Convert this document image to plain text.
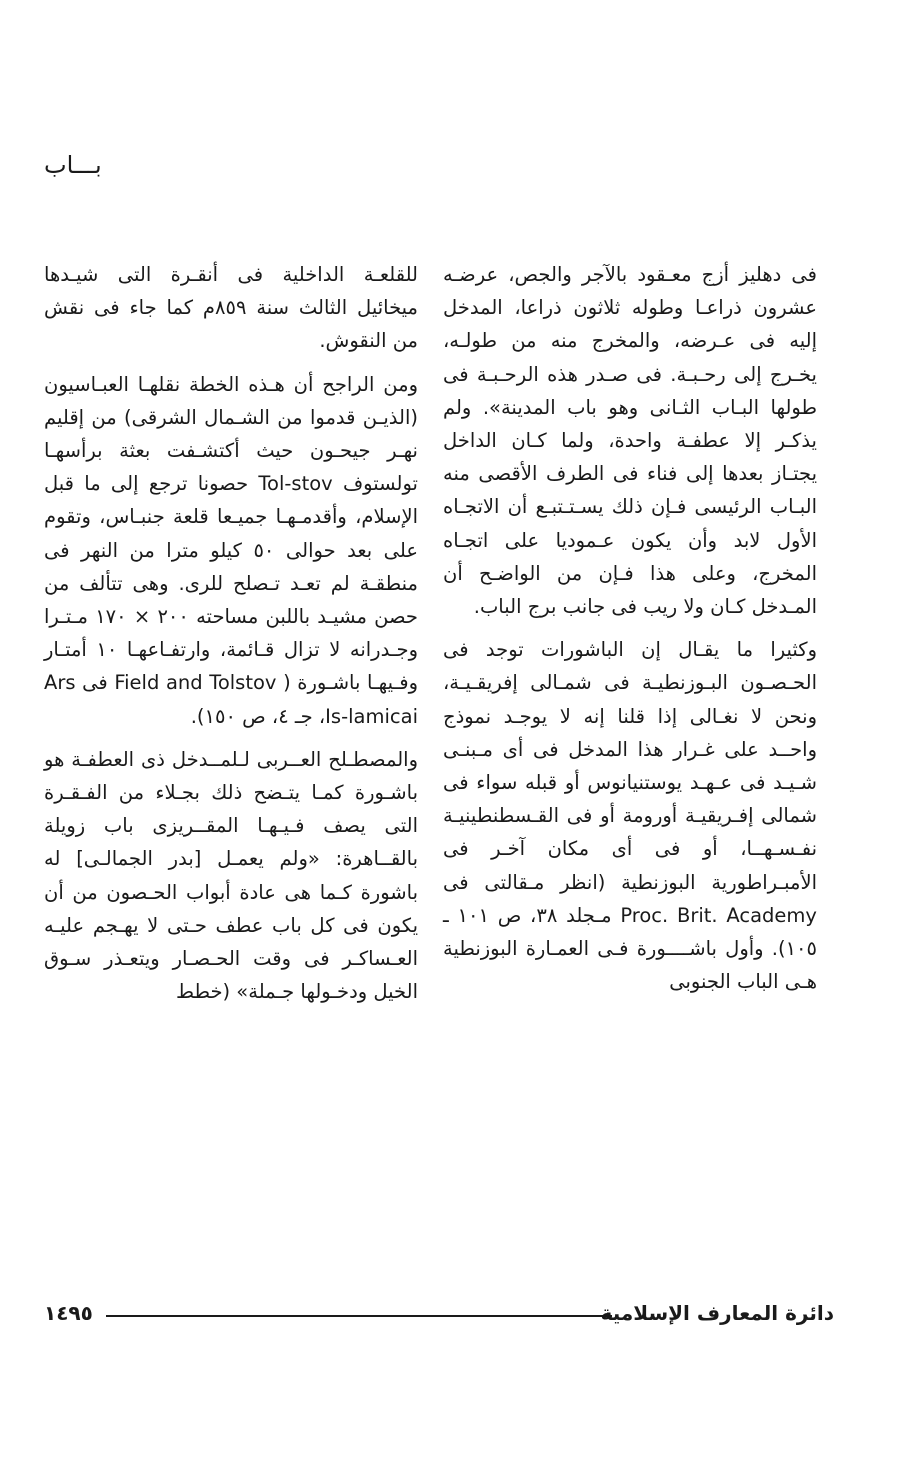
بـــاب

فى دهليز أزج معـقود بالآجر والجص، عرضـه عشرون ذراعـا وطوله ثلاثون ذراعا، المدخل إليه فى عـرضه، والمخرج منه من طولـه، يخـرج إلى رحـبـة. فى صـدر هذه الرحـبـة فى طولها البـاب الثـانى وهو باب المدينة». ولم يذكـر إلا عطفـة واحدة، ولما كـان الداخل يجتـاز بعدها إلى فناء فى الطرف الأقصى منه البـاب الرئيسى فـإن ذلك يسـتـتبـع أن الاتجـاه الأول لابد وأن يكون عـموديا على اتجـاه المخرج، وعلى هذا فـإن من الواضـح أن المـدخل كـان ولا ريب فى جانب برج الباب.

وكثيرا ما يقـال إن الباشورات توجد فى الحـصـون البـوزنطيـة فى شمـالى إفريقـيـة، ونحن لا نغـالى إذا قلنا إنه لا يوجـد نموذج واحــد على غـرار هذا المدخل فى أى مـبنـى شـيـد فى عـهـد يوستنيانوس أو قبله سواء فى شمالى إفـريقيـة أورومة أو فى القـسطنطينيـة نفـسـهــا، أو فى أى مكان آخـر فى الأمبـراطورية البوزنطية (انظر مـقالتى فى Proc. Brit. Academy مـجلد ٣٨، ص ١٠١ ـ ١٠٥). وأول باشــــورة فـى العمـارة البوزنطية هـى الباب الجنوبى

للقلعـة الداخلية فى أنقـرة التى شيـدها ميخائيل الثالث سنة ٨٥٩م كما جاء فى نقش من النقوش.

ومن الراجح أن هـذه الخطة نقلهـا العبـاسيون (الذيـن قدموا من الشـمال الشرقى) من إقليم نهـر جيحـون حيث أكتشـفت بعثة برأسهـا تولستوف Tol-stov حصونا ترجع إلى ما قبل الإسلام، وأقدمـهـا جميـعا قلعة جنبـاس، وتقوم على بعد حوالى ٥٠ كيلو مترا من النهر فى منطقـة لم تعـد تـصلح للرى. وهى تتألف من حصن مشيـد باللبن مساحته ٢٠٠ × ١٧٠ مـتـرا وجـدرانه لا تزال قـائمة، وارتفـاعهـا ١٠ أمتـار وفـيهـا باشـورة ( Field and Tolstov فى Ars Is-lamicai، جـ ٤، ص ١٥٠).

والمصطـلح العــربى لـلمــدخل ذى العطفـة هو باشـورة كمـا يتـضح ذلك بجـلاء من الفـقـرة التى يصف فـيـهـا المقــريزى باب زويلة بالقــاهرة: «ولم يعمـل [بدر الجمالـى] له باشورة كـما هى عادة أبواب الحـصون من أن يكون فى كل باب عطف حـتى لا يهـجم عليـه العـساكـر فى وقت الحـصـار ويتعـذر سـوق الخيل ودخـولها جـملة» (خطط

١٤٩٥	دائرة المعارف الإسلامية
